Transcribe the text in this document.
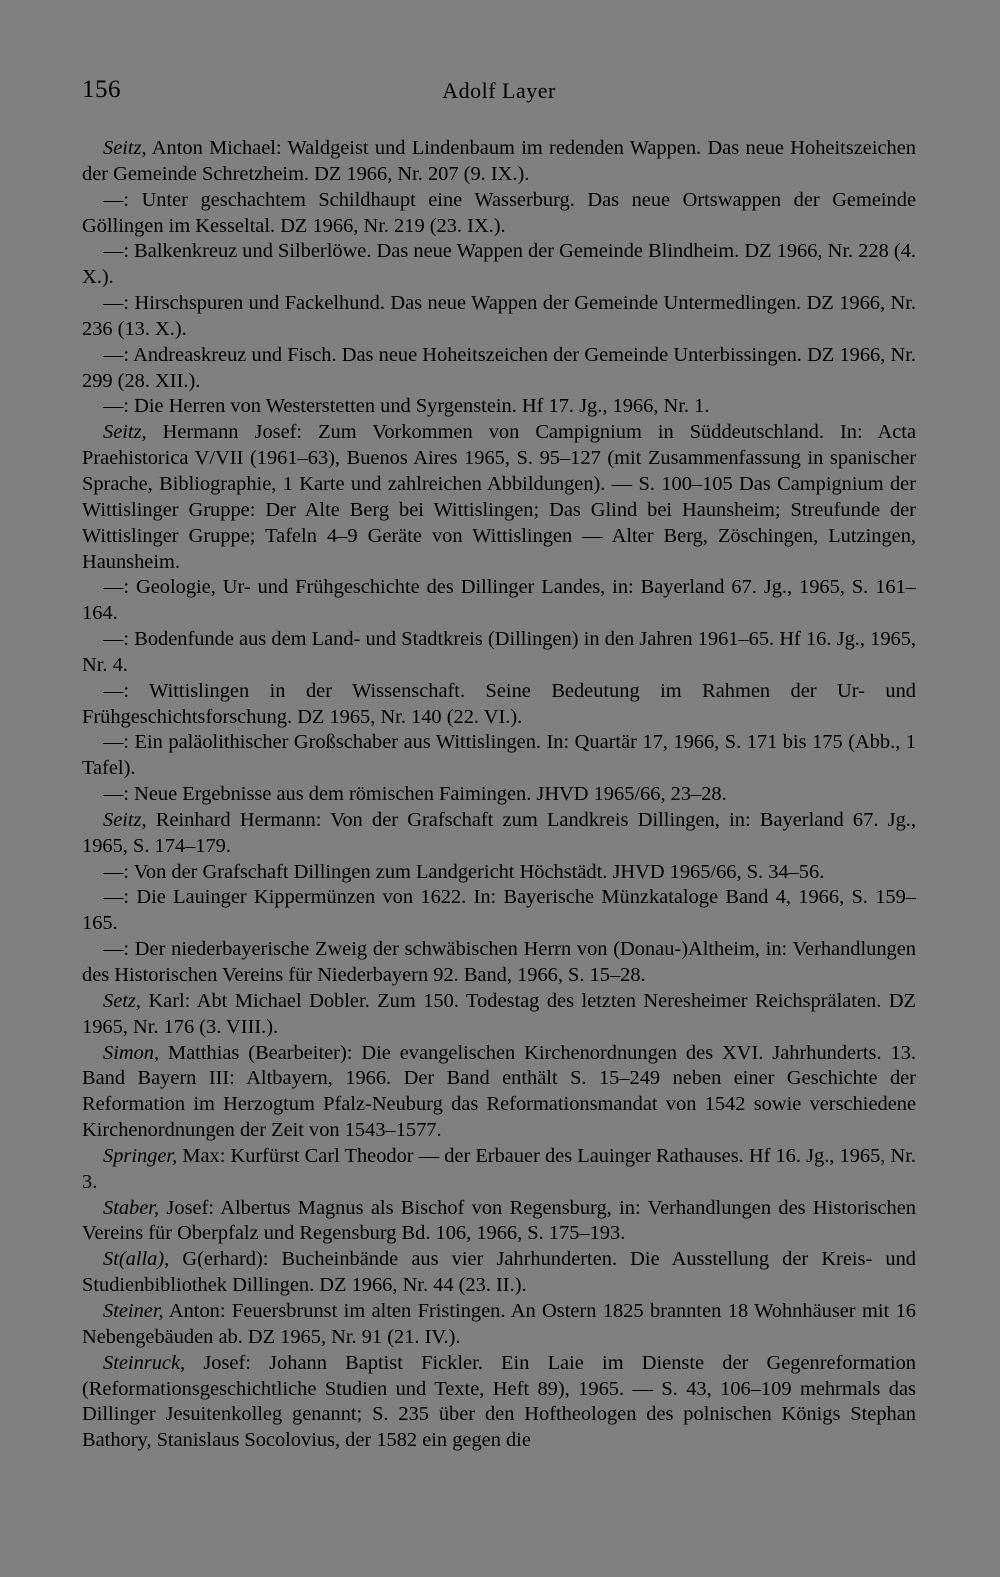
156	Adolf Layer

Seitz, Anton Michael: Waldgeist und Lindenbaum im redenden Wappen. Das neue Hoheitszeichen der Gemeinde Schretzheim. DZ 1966, Nr. 207 (9. IX.).

—: Unter geschachtem Schildhaupt eine Wasserburg. Das neue Ortswappen der Gemeinde Göllingen im Kesseltal. DZ 1966, Nr. 219 (23. IX.).

—: Balkenkreuz und Silberlöwe. Das neue Wappen der Gemeinde Blindheim. DZ 1966, Nr. 228 (4. X.).

—: Hirschspuren und Fackelhund. Das neue Wappen der Gemeinde Untermedlingen. DZ 1966, Nr. 236 (13. X.).

—: Andreaskreuz und Fisch. Das neue Hoheitszeichen der Gemeinde Unterbissingen. DZ 1966, Nr. 299 (28. XII.).

—: Die Herren von Westerstetten und Syrgenstein. Hf 17. Jg., 1966, Nr. 1.

Seitz, Hermann Josef: Zum Vorkommen von Campignium in Süddeutschland. In: Acta Praehistorica V/VII (1961–63), Buenos Aires 1965, S. 95–127 (mit Zusammenfassung in spanischer Sprache, Bibliographie, 1 Karte und zahlreichen Abbildungen). — S. 100–105 Das Campignium der Wittislinger Gruppe: Der Alte Berg bei Wittislingen; Das Glind bei Haunsheim; Streufunde der Wittislinger Gruppe; Tafeln 4–9 Geräte von Wittislingen — Alter Berg, Zöschingen, Lutzingen, Haunsheim.

—: Geologie, Ur- und Frühgeschichte des Dillinger Landes, in: Bayerland 67. Jg., 1965, S. 161–164.

—: Bodenfunde aus dem Land- und Stadtkreis (Dillingen) in den Jahren 1961–65. Hf 16. Jg., 1965, Nr. 4.

—: Wittislingen in der Wissenschaft. Seine Bedeutung im Rahmen der Ur- und Frühgeschichtsforschung. DZ 1965, Nr. 140 (22. VI.).

—: Ein paläolithischer Großschaber aus Wittislingen. In: Quartär 17, 1966, S. 171 bis 175 (Abb., 1 Tafel).

—: Neue Ergebnisse aus dem römischen Faimingen. JHVD 1965/66, 23–28.

Seitz, Reinhard Hermann: Von der Grafschaft zum Landkreis Dillingen, in: Bayerland 67. Jg., 1965, S. 174–179.

—: Von der Grafschaft Dillingen zum Landgericht Höchstädt. JHVD 1965/66, S. 34–56.

—: Die Lauinger Kippermünzen von 1622. In: Bayerische Münzkataloge Band 4, 1966, S. 159–165.

—: Der niederbayerische Zweig der schwäbischen Herrn von (Donau-)Altheim, in: Verhandlungen des Historischen Vereins für Niederbayern 92. Band, 1966, S. 15–28.

Setz, Karl: Abt Michael Dobler. Zum 150. Todestag des letzten Neresheimer Reichsprälaten. DZ 1965, Nr. 176 (3. VIII.).

Simon, Matthias (Bearbeiter): Die evangelischen Kirchenordnungen des XVI. Jahrhunderts. 13. Band Bayern III: Altbayern, 1966. Der Band enthält S. 15–249 neben einer Geschichte der Reformation im Herzogtum Pfalz-Neuburg das Reformationsmandat von 1542 sowie verschiedene Kirchenordnungen der Zeit von 1543–1577.

Springer, Max: Kurfürst Carl Theodor — der Erbauer des Lauinger Rathauses. Hf 16. Jg., 1965, Nr. 3.

Staber, Josef: Albertus Magnus als Bischof von Regensburg, in: Verhandlungen des Historischen Vereins für Oberpfalz und Regensburg Bd. 106, 1966, S. 175–193.

St(alla), G(erhard): Bucheinbände aus vier Jahrhunderten. Die Ausstellung der Kreis- und Studienbibliothek Dillingen. DZ 1966, Nr. 44 (23. II.).

Steiner, Anton: Feuersbrunst im alten Fristingen. An Ostern 1825 brannten 18 Wohnhäuser mit 16 Nebengebäuden ab. DZ 1965, Nr. 91 (21. IV.).

Steinruck, Josef: Johann Baptist Fickler. Ein Laie im Dienste der Gegenreformation (Reformationsgeschichtliche Studien und Texte, Heft 89), 1965. — S. 43, 106–109 mehrmals das Dillinger Jesuitenkolleg genannt; S. 235 über den Hoftheologen des polnischen Königs Stephan Bathory, Stanislaus Socolovius, der 1582 ein gegen die
